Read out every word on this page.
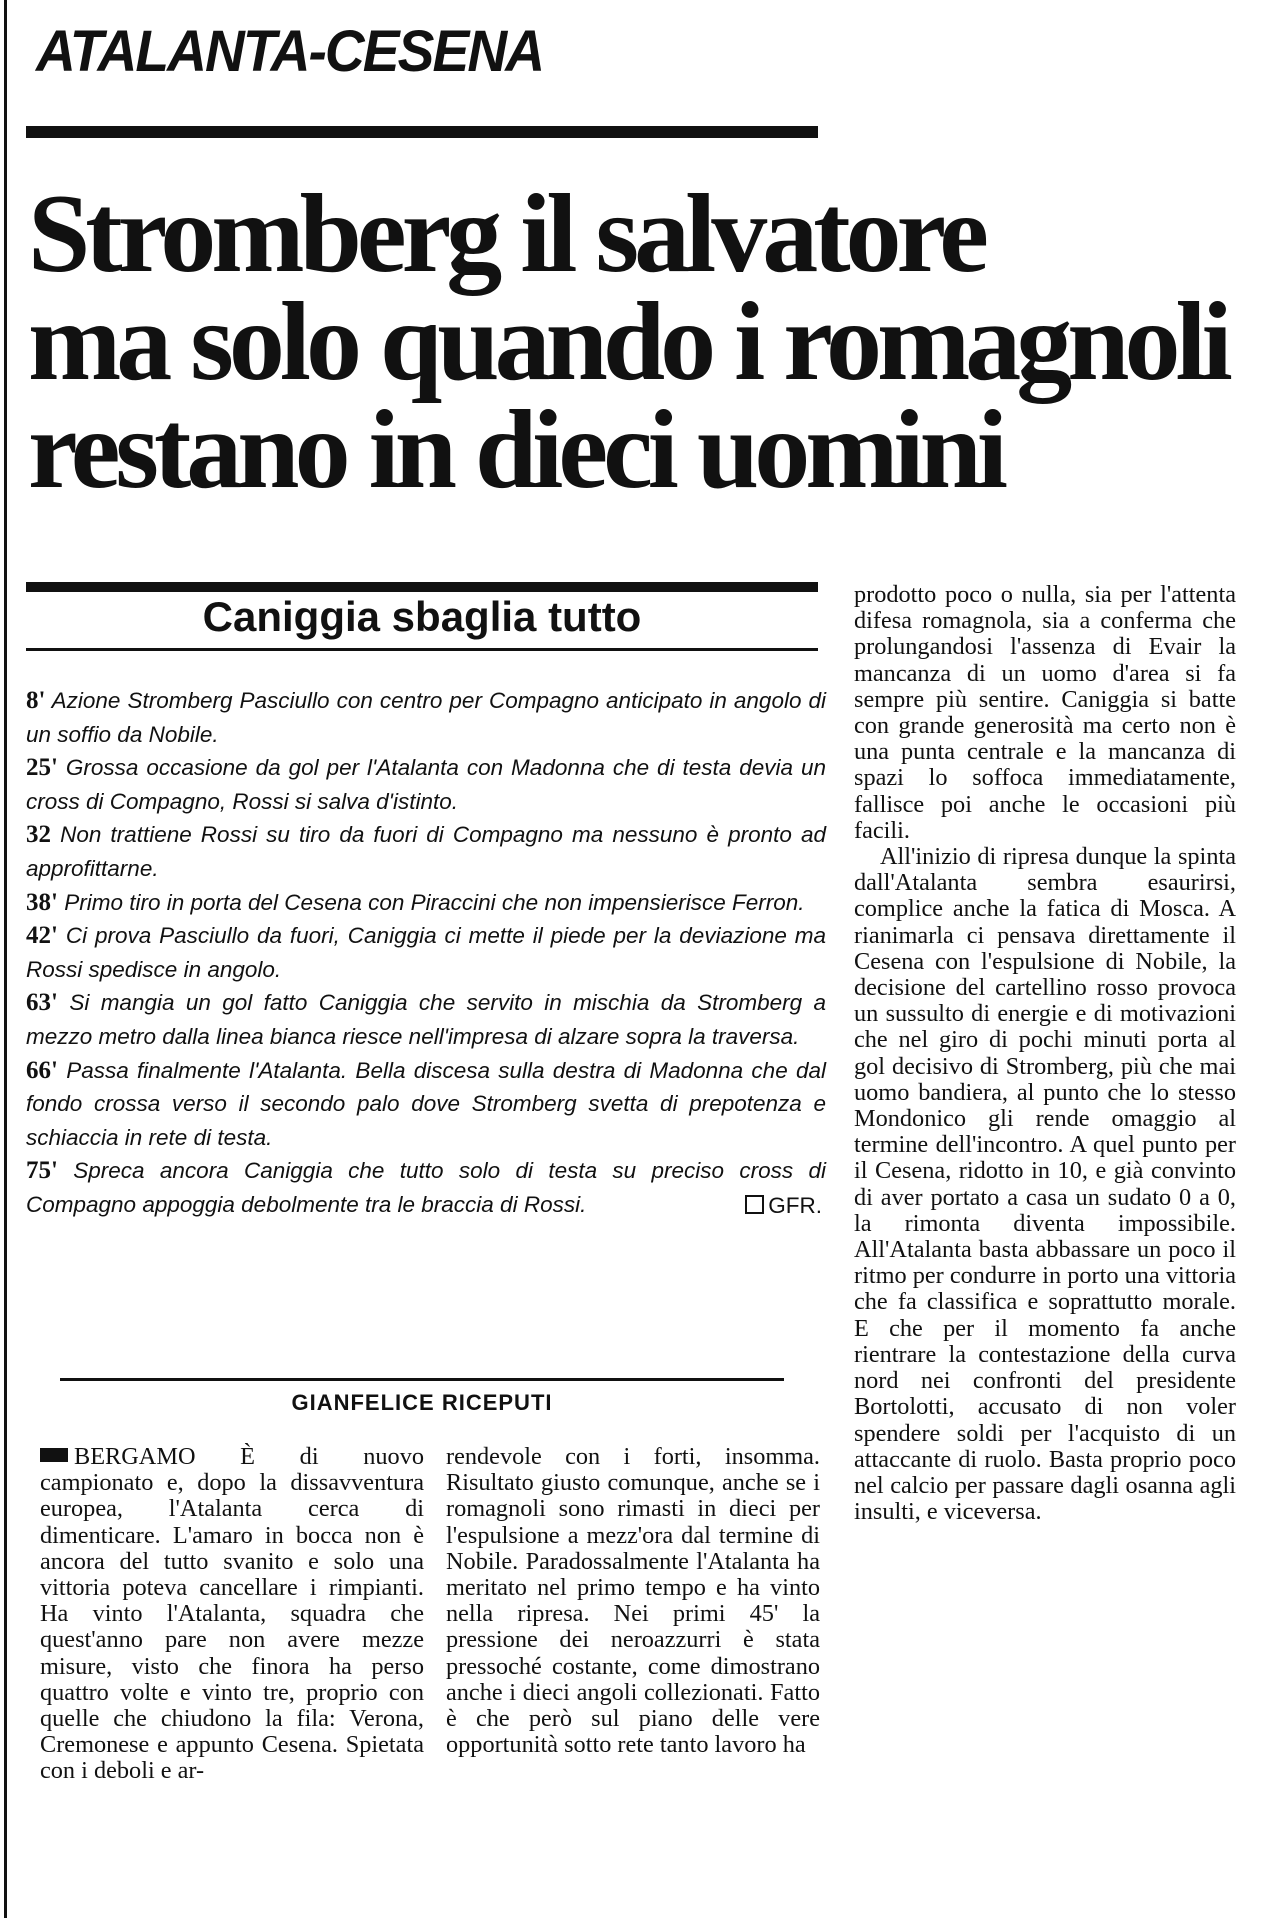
ATALANTA-CESENA
Stromberg il salvatore
ma solo quando i romagnoli
restano in dieci uomini
Caniggia sbaglia tutto

8' Azione Stromberg Pasciullo con centro per Compagno anticipato in angolo di un soffio da Nobile.

25' Grossa occasione da gol per l'Atalanta con Madonna che di testa devia un cross di Compagno, Rossi si salva d'istinto.

32 Non trattiene Rossi su tiro da fuori di Compagno ma nessuno è pronto ad approfittarne.

38' Primo tiro in porta del Cesena con Piraccini che non impensierisce Ferron.

42' Ci prova Pasciullo da fuori, Caniggia ci mette il piede per la deviazione ma Rossi spedisce in angolo.

63' Si mangia un gol fatto Caniggia che servito in mischia da Stromberg a mezzo metro dalla linea bianca riesce nell'impresa di alzare sopra la traversa.

66' Passa finalmente l'Atalanta. Bella discesa sulla destra di Madonna che dal fondo crossa verso il secondo palo dove Stromberg svetta di prepotenza e schiaccia in rete di testa.

75' Spreca ancora Caniggia che tutto solo di testa su preciso cross di Compagno appoggia debolmente tra le braccia di Rossi.	GFR.
GIANFELICE RICEPUTI

BERGAMO È di nuovo campionato e, dopo la dissavventura europea, l'Atalanta cerca di dimenticare. L'amaro in bocca non è ancora del tutto svanito e solo una vittoria poteva cancellare i rimpianti. Ha vinto l'Atalanta, squadra che quest'anno pare non avere mezze misure, visto che finora ha perso quattro volte e vinto tre, proprio con quelle che chiudono la fila: Verona, Cremonese e appunto Cesena. Spietata con i deboli e ar-

rendevole con i forti, insomma. Risultato giusto comunque, anche se i romagnoli sono rimasti in dieci per l'espulsione a mezz'ora dal termine di Nobile. Paradossalmente l'Atalanta ha meritato nel primo tempo e ha vinto nella ripresa. Nei primi 45' la pressione dei neroazzurri è stata pressoché costante, come dimostrano anche i dieci angoli collezionati. Fatto è che però sul piano delle vere opportunità sotto rete tanto lavoro ha

prodotto poco o nulla, sia per l'attenta difesa romagnola, sia a conferma che prolungandosi l'assenza di Evair la mancanza di un uomo d'area si fa sempre più sentire. Caniggia si batte con grande generosità ma certo non è una punta centrale e la mancanza di spazi lo soffoca immediatamente, fallisce poi anche le occasioni più facili.

All'inizio di ripresa dunque la spinta dall'Atalanta sembra esaurirsi, complice anche la fatica di Mosca. A rianimarla ci pensava direttamente il Cesena con l'espulsione di Nobile, la decisione del cartellino rosso provoca un sussulto di energie e di motivazioni che nel giro di pochi minuti porta al gol decisivo di Stromberg, più che mai uomo bandiera, al punto che lo stesso Mondonico gli rende omaggio al termine dell'incontro. A quel punto per il Cesena, ridotto in 10, e già convinto di aver portato a casa un sudato 0 a 0, la rimonta diventa impossibile. All'Atalanta basta abbassare un poco il ritmo per condurre in porto una vittoria che fa classifica e soprattutto morale. E che per il momento fa anche rientrare la contestazione della curva nord nei confronti del presidente Bortolotti, accusato di non voler spendere soldi per l'acquisto di un attaccante di ruolo. Basta proprio poco nel calcio per passare dagli osanna agli insulti, e viceversa.
